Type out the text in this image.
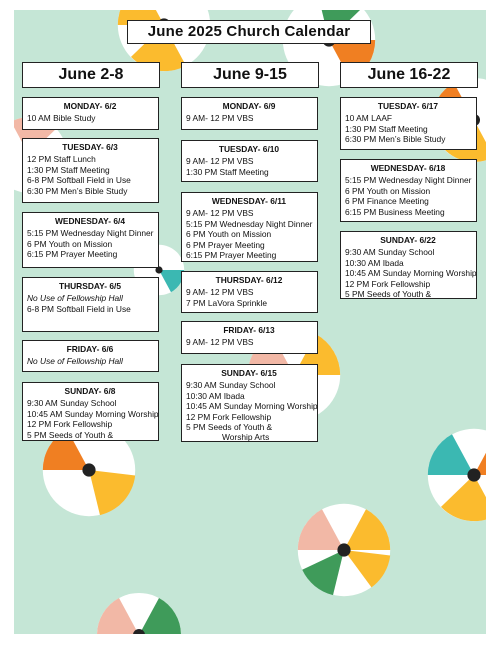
June 2025 Church Calendar
June 2-8	June 9-15	June 16-22
MONDAY- 6/2
10 AM Bible Study
TUESDAY- 6/3
12 PM Staff Lunch
1:30 PM Staff Meeting
6-8 PM Softball Field in Use
6:30 PM Men’s Bible Study
WEDNESDAY- 6/4
5:15 PM Wednesday Night Dinner
6 PM Youth on Mission
6:15 PM Prayer Meeting
THURSDAY- 6/5
No Use of Fellowship Hall
6-8 PM Softball Field in Use
FRIDAY- 6/6
No Use of Fellowship Hall
SUNDAY- 6/8
9:30 AM Sunday School
10:45 AM Sunday Morning Worship
12 PM Fork Fellowship
5 PM Seeds of Youth &
MONDAY- 6/9
9 AM- 12 PM VBS
TUESDAY- 6/10
9 AM- 12 PM VBS
1:30 PM Staff Meeting
WEDNESDAY- 6/11
9 AM- 12 PM VBS
5:15 PM Wednesday Night Dinner
6 PM Youth on Mission
6 PM Prayer Meeting
6:15 PM Prayer Meeting
THURSDAY- 6/12
9 AM- 12 PM VBS
7 PM LaVora Sprinkle
FRIDAY- 6/13
9 AM- 12 PM VBS
SUNDAY- 6/15
9:30 AM Sunday School
10:30 AM Ibada
10:45 AM Sunday Morning Worship
12 PM Fork Fellowship
5 PM Seeds of Youth &
Worship Arts
TUESDAY- 6/17
10 AM LAAF
1:30 PM Staff Meeting
6:30 PM Men’s Bible Study
WEDNESDAY- 6/18
5:15 PM Wednesday Night Dinner
6 PM Youth on Mission
6 PM Finance Meeting
6:15 PM Business Meeting
SUNDAY- 6/22
9:30 AM Sunday School
10:30 AM Ibada
10:45 AM Sunday Morning Worship
12 PM Fork Fellowship
5 PM Seeds of Youth &
